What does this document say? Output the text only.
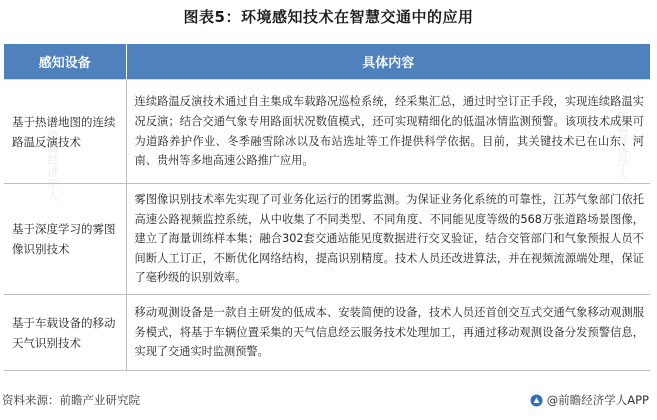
图表5：环境感知技术在智慧交通中的应用
前瞻经济学人
前瞻经济学人
前瞻经济学人
感知设备	具体内容
基于热谱地图的连续路温反演技术	连续路温反演技术通过自主集成车载路况巡检系统，经采集汇总，通过时空订正手段，实现连续路温实况反演；结合交通气象专用路面状况数值模式，还可实现精细化的低温冰情监测预警。该项技术成果可为道路养护作业、冬季融雪除冰以及布站选址等工作提供科学依据。目前，其关键技术已在山东、河南、贵州等多地高速公路推广应用。
基于深度学习的雾图像识别技术	雾图像识别技术率先实现了可业务化运行的团雾监测。为保证业务化系统的可靠性，江苏气象部门依托高速公路视频监控系统，从中收集了不同类型、不同角度、不同能见度等级的568万张道路场景图像，建立了海量训练样本集；融合302套交通站能见度数据进行交叉验证，结合交管部门和气象预报人员不间断人工订正，不断优化网络结构，提高识别精度。技术人员还改进算法，并在视频流源端处理，保证了毫秒级的识别效率。
基于车载设备的移动天气识别技术	移动观测设备是一款自主研发的低成本、安装简便的设备，技术人员还首创交互式交通气象移动观测服务模式，将基于车辆位置采集的天气信息经云服务技术处理加工，再通过移动观测设备分发预警信息，实现了交通实时监测预警。
资料来源：前瞻产业研究院	@前瞻经济学人APP
